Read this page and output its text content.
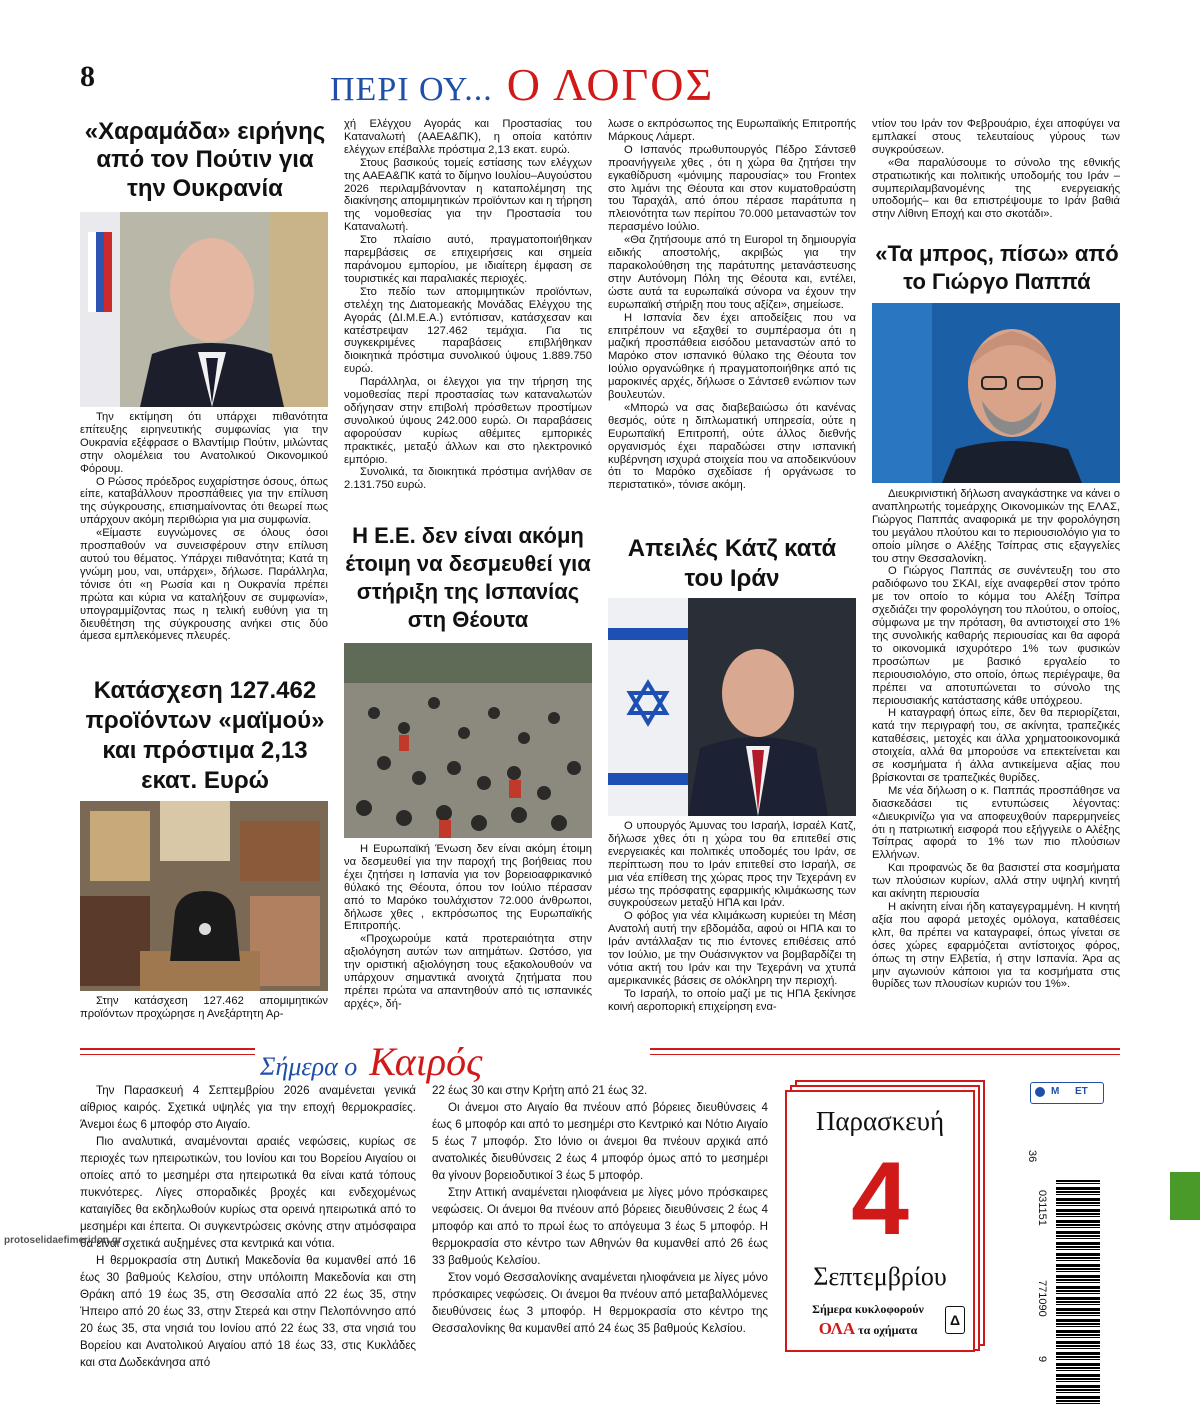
8	ΠΕΡΙ ΟΥ... Ο ΛΟΓΟΣ
«Χαραμάδα» ειρήνης από τον Πούτιν για την Ουκρανία

Την εκτίμηση ότι υπάρχει πιθανότητα επίτευξης ειρηνευτικής συμφωνίας για την Ουκρανία εξέφρασε ο Βλαντίμιρ Πούτιν, μιλώντας στην ολομέλεια του Ανατολικού Οικονομικού Φόρουμ.

Ο Ρώσος πρόεδρος ευχαρίστησε όσους, όπως είπε, καταβάλλουν προσπάθειες για την επίλυση της σύγκρουσης, επισημαίνοντας ότι θεωρεί πως υπάρχουν ακόμη περιθώρια για μια συμφωνία.

«Είμαστε ευγνώμονες σε όλους όσοι προσπαθούν να συνεισφέρουν στην επίλυση αυτού του θέματος. Υπάρχει πιθανότητα; Κατά τη γνώμη μου, ναι, υπάρχει», δήλωσε. Παράλληλα, τόνισε ότι «η Ρωσία και η Ουκρανία πρέπει πρώτα και κύρια να καταλήξουν σε συμφωνία», υπογραμμίζοντας πως η τελική ευθύνη για τη διευθέτηση της σύγκρουσης ανήκει στις δύο άμεσα εμπλεκόμενες πλευρές.

Κατάσχεση 127.462 προϊόντων «μαϊμού» και πρόστιμα 2,13 εκατ. Ευρώ

Στην κατάσχεση 127.462 απομιμητικών προϊόντων προχώρησε η Ανεξάρτητη Αρ-

χή Ελέγχου Αγοράς και Προστασίας του Καταναλωτή (ΑΑΕΑ&ΠΚ), η οποία κατόπιν ελέγχων επέβαλλε πρόστιμα 2,13 εκατ. ευρώ.

Στους βασικούς τομείς εστίασης των ελέγχων της ΑΑΕΑ&ΠΚ κατά το δίμηνο Ιουλίου–Αυγούστου 2026 περιλαμβάνονταν η καταπολέμηση της διακίνησης απομιμητικών προϊόντων και η τήρηση της νομοθεσίας για την Προστασία του Καταναλωτή.

Στο πλαίσιο αυτό, πραγματοποιήθηκαν παρεμβάσεις σε επιχειρήσεις και σημεία παράνομου εμπορίου, με ιδιαίτερη έμφαση σε τουριστικές και παραλιακές περιοχές.

Στο πεδίο των απομιμητικών προϊόντων, στελέχη της Διατομεακής Μονάδας Ελέγχου της Αγοράς (ΔΙ.Μ.Ε.Α.) εντόπισαν, κατάσχεσαν και κατέστρεψαν 127.462 τεμάχια. Για τις συγκεκριμένες παραβάσεις επιβλήθηκαν διοικητικά πρόστιμα συνολικού ύψους 1.889.750 ευρώ.

Παράλληλα, οι έλεγχοι για την τήρηση της νομοθεσίας περί προστασίας των καταναλωτών οδήγησαν στην επιβολή πρόσθετων προστίμων συνολικού ύψους 242.000 ευρώ. Οι παραβάσεις αφορούσαν κυρίως αθέμιτες εμπορικές πρακτικές, μεταξύ άλλων και στο ηλεκτρονικό εμπόριο.

Συνολικά, τα διοικητικά πρόστιμα ανήλθαν σε 2.131.750 ευρώ.

Η Ε.Ε. δεν είναι ακόμη έτοιμη να δεσμευθεί για στήριξη της Ισπανίας στη Θέουτα

Η Ευρωπαϊκή Ένωση δεν είναι ακόμη έτοιμη να δεσμευθεί για την παροχή της βοήθειας που έχει ζητήσει η Ισπανία για τον βορειοαφρικανικό θύλακό της Θέουτα, όπου τον Ιούλιο πέρασαν από το Μαρόκο τουλάχιστον 72.000 άνθρωποι, δήλωσε χθες , εκπρόσωπος της Ευρωπαϊκής Επιτροπής.

«Προχωρούμε κατά προτεραιότητα στην αξιολόγηση αυτών των αιτημάτων. Ωστόσο, για την οριστική αξιολόγηση τους εξακολουθούν να υπάρχουν σημαντικά ανοιχτά ζητήματα που πρέπει πρώτα να απαντηθούν από τις ισπανικές αρχές», δή-

λωσε ο εκπρόσωπος της Ευρωπαϊκής Επιτροπής Μάρκους Λάμερτ.

Ο Ισπανός πρωθυπουργός Πέδρο Σάντσεθ προανήγγειλε χθες , ότι η χώρα θα ζητήσει την εγκαθίδρυση «μόνιμης παρουσίας» του Frontex στο λιμάνι της Θέουτα και στον κυματοθραύστη του Ταραχάλ, από όπου πέρασε παράτυπα η πλειονότητα των περίπου 70.000 μεταναστών τον περασμένο Ιούλιο.

«Θα ζητήσουμε από τη Europol τη δημιουργία ειδικής αποστολής, ακριβώς για την παρακολούθηση της παράτυπης μετανάστευσης στην Αυτόνομη Πόλη της Θέουτα και, εντέλει, ώστε αυτά τα ευρωπαϊκά σύνορα να έχουν την ευρωπαϊκή στήριξη που τους αξίζει», σημείωσε.

Η Ισπανία δεν έχει αποδείξεις που να επιτρέπουν να εξαχθεί το συμπέρασμα ότι η μαζική προσπάθεια εισόδου μεταναστών από το Μαρόκο στον ισπανικό θύλακο της Θέουτα τον Ιούλιο οργανώθηκε ή πραγματοποιήθηκε από τις μαροκινές αρχές, δήλωσε ο Σάντσεθ ενώπιον των βουλευτών.

«Μπορώ να σας διαβεβαιώσω ότι κανένας θεσμός, ούτε η διπλωματική υπηρεσία, ούτε η Ευρωπαϊκή Επιτροπή, ούτε άλλος διεθνής οργανισμός έχει παραδώσει στην ισπανική κυβέρνηση ισχυρά στοιχεία που να αποδεικνύουν ότι το Μαρόκο σχεδίασε ή οργάνωσε το περιστατικό», τόνισε ακόμη.

Απειλές Κάτζ κατά του Ιράν

Ο υπουργός Άμυνας του Ισραήλ, Ισραέλ Κατζ, δήλωσε χθες ότι η χώρα του θα επιτεθεί στις ενεργειακές και πολιτικές υποδομές του Ιράν, σε περίπτωση που το Ιράν επιτεθεί στο Ισραήλ, σε μια νέα επίθεση της χώρας προς την Τεχεράνη εν μέσω της πρόσφατης εφαρμικής κλιμάκωσης των συγκρούσεων μεταξύ ΗΠΑ και Ιράν.

Ο φόβος για νέα κλιμάκωση κυριεύει τη Μέση Ανατολή αυτή την εβδομάδα, αφού οι ΗΠΑ και το Ιράν αντάλλαξαν τις πιο έντονες επιθέσεις από τον Ιούλιο, με την Ουάσινγκτον να βομβαρδίζει τη νότια ακτή του Ιράν και την Τεχεράνη να χτυπά αμερικανικές βάσεις σε ολόκληρη την περιοχή.

Το Ισραήλ, το οποίο μαζί με τις ΗΠΑ ξεκίνησε κοινή αεροπορική επιχείρηση ενα-

ντίον του Ιράν τον Φεβρουάριο, έχει αποφύγει να εμπλακεί στους τελευταίους γύρους των συγκρούσεων.

«Θα παραλύσουμε το σύνολο της εθνικής στρατιωτικής και πολιτικής υποδομής του Ιράν – συμπεριλαμβανομένης της ενεργειακής υποδομής– και θα επιστρέψουμε το Ιράν βαθιά στην Λίθινη Εποχή και στο σκοτάδι».

«Τα μπρος, πίσω» από το Γιώργο Παππά

Διευκρινιστική δήλωση αναγκάστηκε να κάνει ο αναπληρωτής τομεάρχης Οικονομικών της ΕΛΑΣ, Γιώργος Παππάς αναφορικά με την φορολόγηση του μεγάλου πλούτου και το περιουσιολόγιο για το οποίο μίλησε ο Αλέξης Τσίπρας στις εξαγγελίες του στην Θεσσαλονίκη.

Ο Γιώργος Παππάς σε συνέντευξη του στο ραδιόφωνο του ΣΚΑΙ, είχε αναφερθεί στον τρόπο με τον οποίο το κόμμα του Αλέξη Τσίπρα σχεδιάζει την φορολόγηση του πλούτου, ο οποίος, σύμφωνα με την πρόταση, θα αντιστοιχεί στο 1% της συνολικής καθαρής περιουσίας και θα αφορά το οικονομικά ισχυρότερο 1% των φυσικών προσώπων με βασικό εργαλείο το περιουσιολόγιο, στο οποίο, όπως περιέγραψε, θα πρέπει να αποτυπώνεται το σύνολο της περιουσιακής κατάστασης κάθε υπόχρεου.

Η καταγραφή όπως είπε, δεν θα περιορίζεται, κατά την περιγραφή του, σε ακίνητα, τραπεζικές καταθέσεις, μετοχές και άλλα χρηματοοικονομικά στοιχεία, αλλά θα μπορούσε να επεκτείνεται και σε κοσμήματα ή άλλα αντικείμενα αξίας που βρίσκονται σε τραπεζικές θυρίδες.

Με νέα δήλωση ο κ. Παππάς προσπάθησε να διασκεδάσει τις εντυπώσεις λέγοντας: «Διευκρινίζω για να αποφευχθούν παρερμηνείες ότι η πατριωτική εισφορά που εξήγγειλε ο Αλέξης Τσίπρας αφορά το 1% των πιο πλούσιων Ελλήνων.

Και προφανώς δε θα βασιστεί στα κοσμήματα των πλούσιων κυρίων, αλλά στην υψηλή κινητή και ακίνητη περιουσία

Η ακίνητη είναι ήδη καταγεγραμμένη. Η κινητή αξία που αφορά μετοχές ομόλογα, καταθέσεις κλπ, θα πρέπει να καταγραφεί, όπως γίνεται σε όσες χώρες εφαρμόζεται αντίστοιχος φόρος, όπως τη στην Ελβετία, ή στην Ισπανία. Άρα ας μην αγωνιούν κάποιοι για τα κοσμήματα στις θυρίδες των πλουσίων κυριών του 1%».

Σήμερα ο Καιρός

Την Παρασκευή 4 Σεπτεμβρίου 2026 αναμένεται γενικά αίθριος καιρός. Σχετικά υψηλές για την εποχή θερμοκρασίες. Άνεμοι έως 6 μποφόρ στο Αιγαίο.

Πιο αναλυτικά, αναμένονται αραιές νεφώσεις, κυρίως σε περιοχές των ηπειρωτικών, του Ιονίου και του Βορείου Αιγαίου οι οποίες από το μεσημέρι στα ηπειρωτικά θα είναι κατά τόπους πυκνότερες. Λίγες σποραδικές βροχές και ενδεχομένως καταιγίδες θα εκδηλωθούν κυρίως στα ορεινά ηπειρωτικά από το μεσημέρι και έπειτα. Οι συγκεντρώσεις σκόνης στην ατμόσφαιρα θα είναι σχετικά αυξημένες στα κεντρικά και νότια.

Η θερμοκρασία στη Δυτική Μακεδονία θα κυμανθεί από 16 έως 30 βαθμούς Κελσίου, στην υπόλοιπη Μακεδονία και στη Θράκη από 19 έως 35, στη Θεσσαλία από 22 έως 35, στην Ήπειρο από 20 έως 33, στην Στερεά και στην Πελοπόννησο από 20 έως 35, στα νησιά του Ιονίου από 22 έως 33, στα νησιά του Βορείου και Ανατολικού Αιγαίου από 18 έως 33, στις Κυκλάδες και στα Δωδεκάνησα από

22 έως 30 και στην Κρήτη από 21 έως 32.

Οι άνεμοι στο Αιγαίο θα πνέουν από βόρειες διευθύνσεις 4 έως 6 μποφόρ και από το μεσημέρι στο Κεντρικό και Νότιο Αιγαίο 5 έως 7 μποφόρ. Στο Ιόνιο οι άνεμοι θα πνέουν αρχικά από ανατολικές διευθύνσεις 2 έως 4 μποφόρ όμως από το μεσημέρι θα γίνουν βορειοδυτικοί 3 έως 5 μποφόρ.

Στην Αττική αναμένεται ηλιοφάνεια με λίγες μόνο πρόσκαιρες νεφώσεις. Οι άνεμοι θα πνέουν από βόρειες διευθύνσεις 2 έως 4 μποφόρ και από το πρωί έως το απόγευμα 3 έως 5 μποφόρ. Η θερμοκρασία στο κέντρο των Αθηνών θα κυμανθεί από 26 έως 33 βαθμούς Κελσίου.

Στον νομό Θεσσαλονίκης αναμένεται ηλιοφάνεια με λίγες μόνο πρόσκαιρες νεφώσεις. Οι άνεμοι θα πνέουν από μεταβαλλόμενες διευθύνσεις έως 3 μποφόρ. Η θερμοκρασία στο κέντρο της Θεσσαλονίκης θα κυμανθεί από 24 έως 35 βαθμούς Κελσίου.

Παρασκευή
4
Σεπτεμβρίου
Σήμερα κυκλοφορούν
ΟΛΑ τα οχήματα
Δ
Μ ΕΤ
36
031151
771090
9
protoselidaefimeridon.gr
